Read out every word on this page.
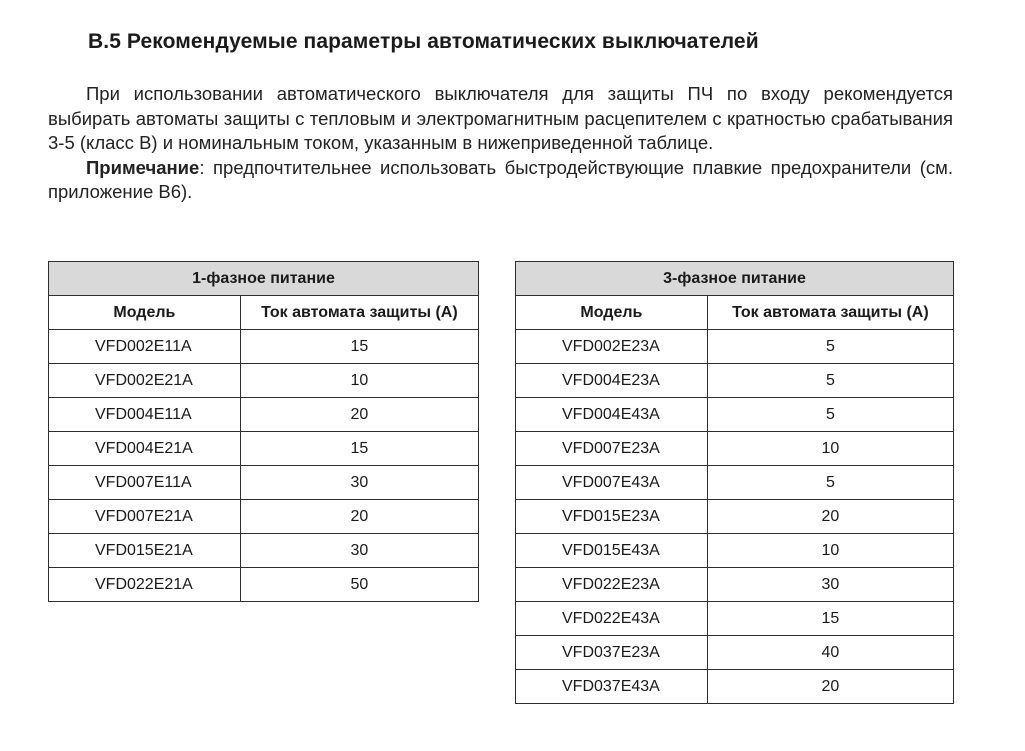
B.5 Рекомендуемые параметры автоматических выключателей

При использовании автоматического выключателя для защиты ПЧ по входу рекомендуется выбирать автоматы защиты с тепловым и электромагнитным расцепителем с кратностью срабатывания 3-5 (класс В) и номинальным током, указанным в нижеприведенной таблице.

Примечание: предпочтительнее использовать быстродействующие плавкие предохранители (см. приложение В6).

1-фазное питание	
Модель	Ток автомата защиты (А)
VFD002E11A	15
VFD002E21A	10
VFD004E11A	20
VFD004E21A	15
VFD007E11A	30
VFD007E21A	20
VFD015E21A	30
VFD022E21A	50
3-фазное питание	
Модель	Ток автомата защиты (А)
VFD002E23A	5
VFD004E23A	5
VFD004E43A	5
VFD007E23A	10
VFD007E43A	5
VFD015E23A	20
VFD015E43A	10
VFD022E23A	30
VFD022E43A	15
VFD037E23A	40
VFD037E43A	20
